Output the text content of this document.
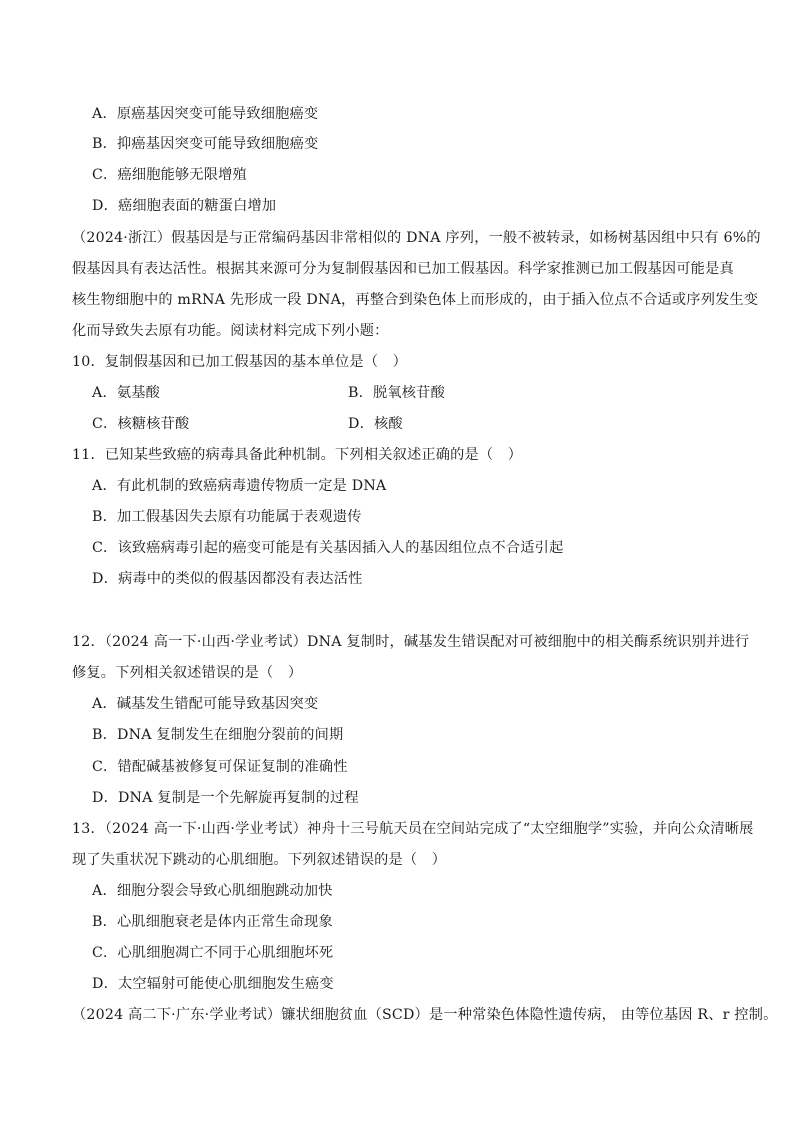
A．原癌基因突变可能导致细胞癌变
B．抑癌基因突变可能导致细胞癌变
C．癌细胞能够无限增殖
D．癌细胞表面的糖蛋白增加
（2024·浙江）假基因是与正常编码基因非常相似的 DNA 序列，一般不被转录，如杨树基因组中只有 6%的
假基因具有表达活性。根据其来源可分为复制假基因和已加工假基因。科学家推测已加工假基因可能是真
核生物细胞中的 mRNA 先形成一段 DNA，再整合到染色体上而形成的，由于插入位点不合适或序列发生变
化而导致失去原有功能。阅读材料完成下列小题：
10．复制假基因和已加工假基因的基本单位是（　）
A．氨基酸	B．脱氧核苷酸
C．核糖核苷酸	D．核酸
11．已知某些致癌的病毒具备此种机制。下列相关叙述正确的是（　）
A．有此机制的致癌病毒遗传物质一定是 DNA
B．加工假基因失去原有功能属于表观遗传
C．该致癌病毒引起的癌变可能是有关基因插入人的基因组位点不合适引起
D．病毒中的类似的假基因都没有表达活性
12．（2024 高一下·山西·学业考试）DNA 复制时，碱基发生错误配对可被细胞中的相关酶系统识别并进行
修复。下列相关叙述错误的是（　）
A．碱基发生错配可能导致基因突变
B．DNA 复制发生在细胞分裂前的间期
C．错配碱基被修复可保证复制的准确性
D．DNA 复制是一个先解旋再复制的过程
13．（2024 高一下·山西·学业考试）神舟十三号航天员在空间站完成了“太空细胞学”实验，并向公众清晰展
现了失重状况下跳动的心肌细胞。下列叙述错误的是（　）
A．细胞分裂会导致心肌细胞跳动加快
B．心肌细胞衰老是体内正常生命现象
C．心肌细胞凋亡不同于心肌细胞坏死
D．太空辐射可能使心肌细胞发生癌变
（2024 高二下·广东·学业考试）镰状细胞贫血（SCD）是一种常染色体隐性遗传病， 由等位基因 R、r 控制。
